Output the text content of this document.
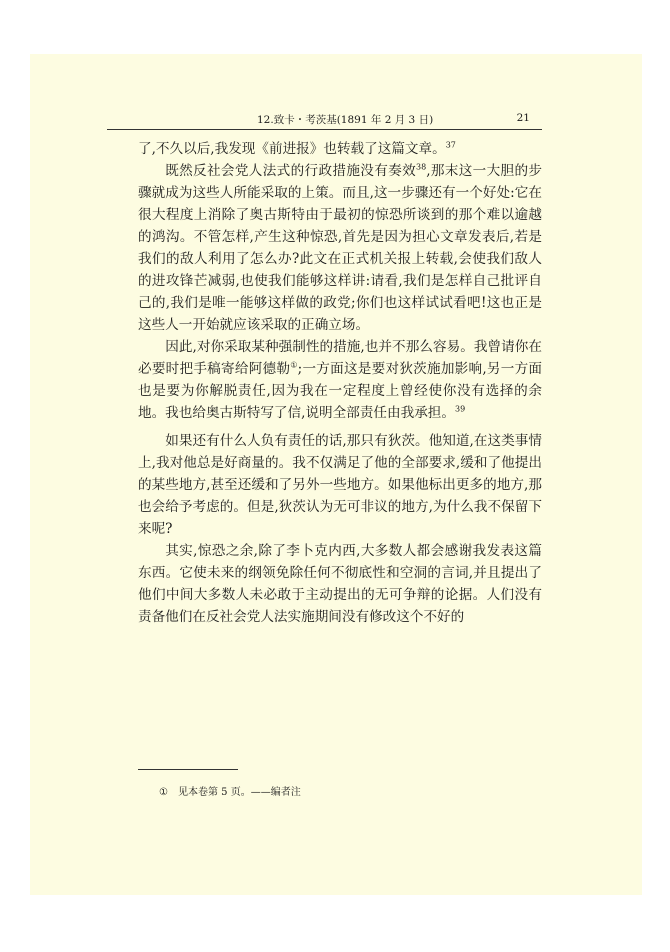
12.致卡・考茨基(1891 年 2 月 3 日)	21

了,不久以后,我发现《前进报》也转载了这篇文章。$^{37}$

既然反社会党人法式的行政措施没有奏效$^{38}$,那末这一大胆的步骤就成为这些人所能采取的上策。而且,这一步骤还有一个好处:它在很大程度上消除了奥古斯特由于最初的惊恐所谈到的那个难以逾越的鸿沟。不管怎样,产生这种惊恐,首先是因为担心文章发表后,若是我们的敌人利用了怎么办?此文在正式机关报上转载,会使我们敌人的进攻锋芒减弱,也使我们能够这样讲:请看,我们是怎样自己批评自己的,我们是唯一能够这样做的政党;你们也这样试试看吧!这也正是这些人一开始就应该采取的正确立场。

因此,对你采取某种强制性的措施,也并不那么容易。我曾请你在必要时把手稿寄给阿德勒①;一方面这是要对狄茨施加影响,另一方面也是要为你解脱责任,因为我在一定程度上曾经使你没有选择的余地。我也给奥古斯特写了信,说明全部责任由我承担。$^{39}$

如果还有什么人负有责任的话,那只有狄茨。他知道,在这类事情上,我对他总是好商量的。我不仅满足了他的全部要求,缓和了他提出的某些地方,甚至还缓和了另外一些地方。如果他标出更多的地方,那也会给予考虑的。但是,狄茨认为无可非议的地方,为什么我不保留下来呢?

其实,惊恐之余,除了李卜克内西,大多数人都会感谢我发表这篇东西。它使未来的纲领免除任何不彻底性和空洞的言词,并且提出了他们中间大多数人未必敢于主动提出的无可争辩的论据。人们没有责备他们在反社会党人法实施期间没有修改这个不好的

① 见本卷第 5 页。——编者注
